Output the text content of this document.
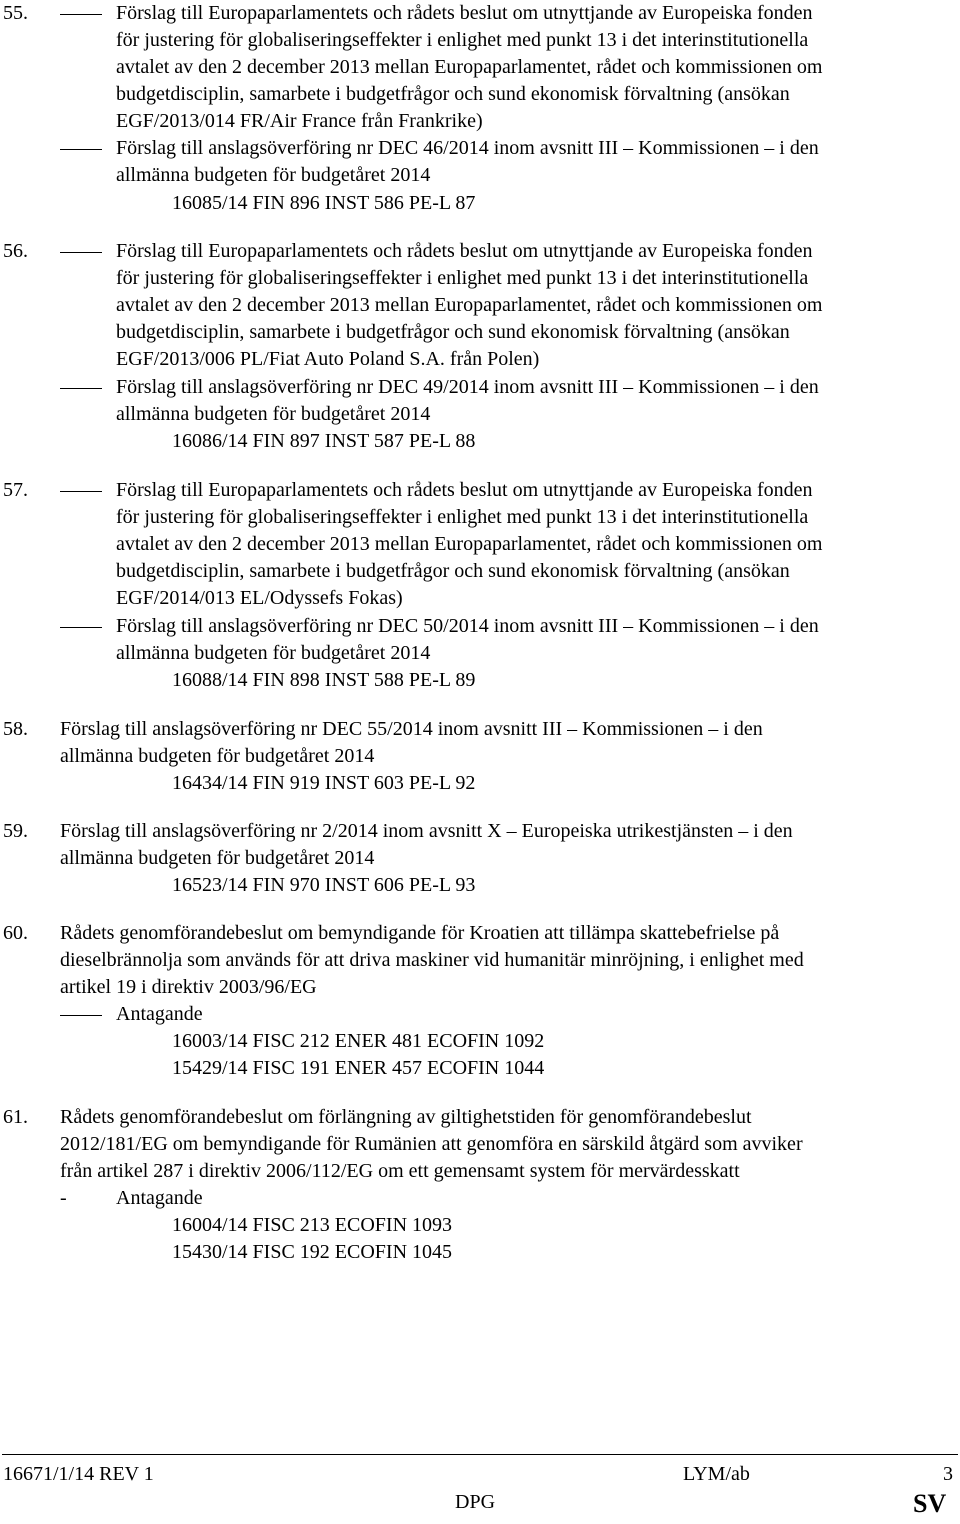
55.	Förslag till Europaparlamentets och rådets beslut om utnyttjande av Europeiska fonden
för justering för globaliseringseffekter i enlighet med punkt 13 i det interinstitutionella
avtalet av den 2 december 2013 mellan Europaparlamentet, rådet och kommissionen om
budgetdisciplin, samarbete i budgetfrågor och sund ekonomisk förvaltning (ansökan
EGF/2013/014 FR/Air France från Frankrike)
Förslag till anslagsöverföring nr DEC 46/2014 inom avsnitt III – Kommissionen – i den
allmänna budgeten för budgetåret 2014
16085/14 FIN 896 INST 586 PE-L 87
56.	Förslag till Europaparlamentets och rådets beslut om utnyttjande av Europeiska fonden
för justering för globaliseringseffekter i enlighet med punkt 13 i det interinstitutionella
avtalet av den 2 december 2013 mellan Europaparlamentet, rådet och kommissionen om
budgetdisciplin, samarbete i budgetfrågor och sund ekonomisk förvaltning (ansökan
EGF/2013/006 PL/Fiat Auto Poland S.A. från Polen)
Förslag till anslagsöverföring nr DEC 49/2014 inom avsnitt III – Kommissionen – i den
allmänna budgeten för budgetåret 2014
16086/14 FIN 897 INST 587 PE-L 88
57.	Förslag till Europaparlamentets och rådets beslut om utnyttjande av Europeiska fonden
för justering för globaliseringseffekter i enlighet med punkt 13 i det interinstitutionella
avtalet av den 2 december 2013 mellan Europaparlamentet, rådet och kommissionen om
budgetdisciplin, samarbete i budgetfrågor och sund ekonomisk förvaltning (ansökan
EGF/2014/013 EL/Odyssefs Fokas)
Förslag till anslagsöverföring nr DEC 50/2014 inom avsnitt III – Kommissionen – i den
allmänna budgeten för budgetåret 2014
16088/14 FIN 898 INST 588 PE-L 89
58. Förslag till anslagsöverföring nr DEC 55/2014 inom avsnitt III – Kommissionen – i den
allmänna budgeten för budgetåret 2014
16434/14 FIN 919 INST 603 PE-L 92
59. Förslag till anslagsöverföring nr 2/2014 inom avsnitt X – Europeiska utrikestjänsten – i den
allmänna budgeten för budgetåret 2014
16523/14 FIN 970 INST 606 PE-L 93
60. Rådets genomförandebeslut om bemyndigande för Kroatien att tillämpa skattebefrielse på
dieselbrännolja som används för att driva maskiner vid humanitär minröjning, i enlighet med
artikel 19 i direktiv 2003/96/EG
Antagande
16003/14 FISC 212 ENER 481 ECOFIN 1092
15429/14 FISC 191 ENER 457 ECOFIN 1044
61. Rådets genomförandebeslut om förlängning av giltighetstiden för genomförandebeslut
2012/181/EG om bemyndigande för Rumänien att genomföra en särskild åtgärd som avviker
från artikel 287 i direktiv 2006/112/EG om ett gemensamt system för mervärdesskatt
- Antagande
16004/14 FISC 213 ECOFIN 1093
15430/14 FISC 192 ECOFIN 1045
16671/1/14 REV 1	LYM/ab	3
DPG	SV
